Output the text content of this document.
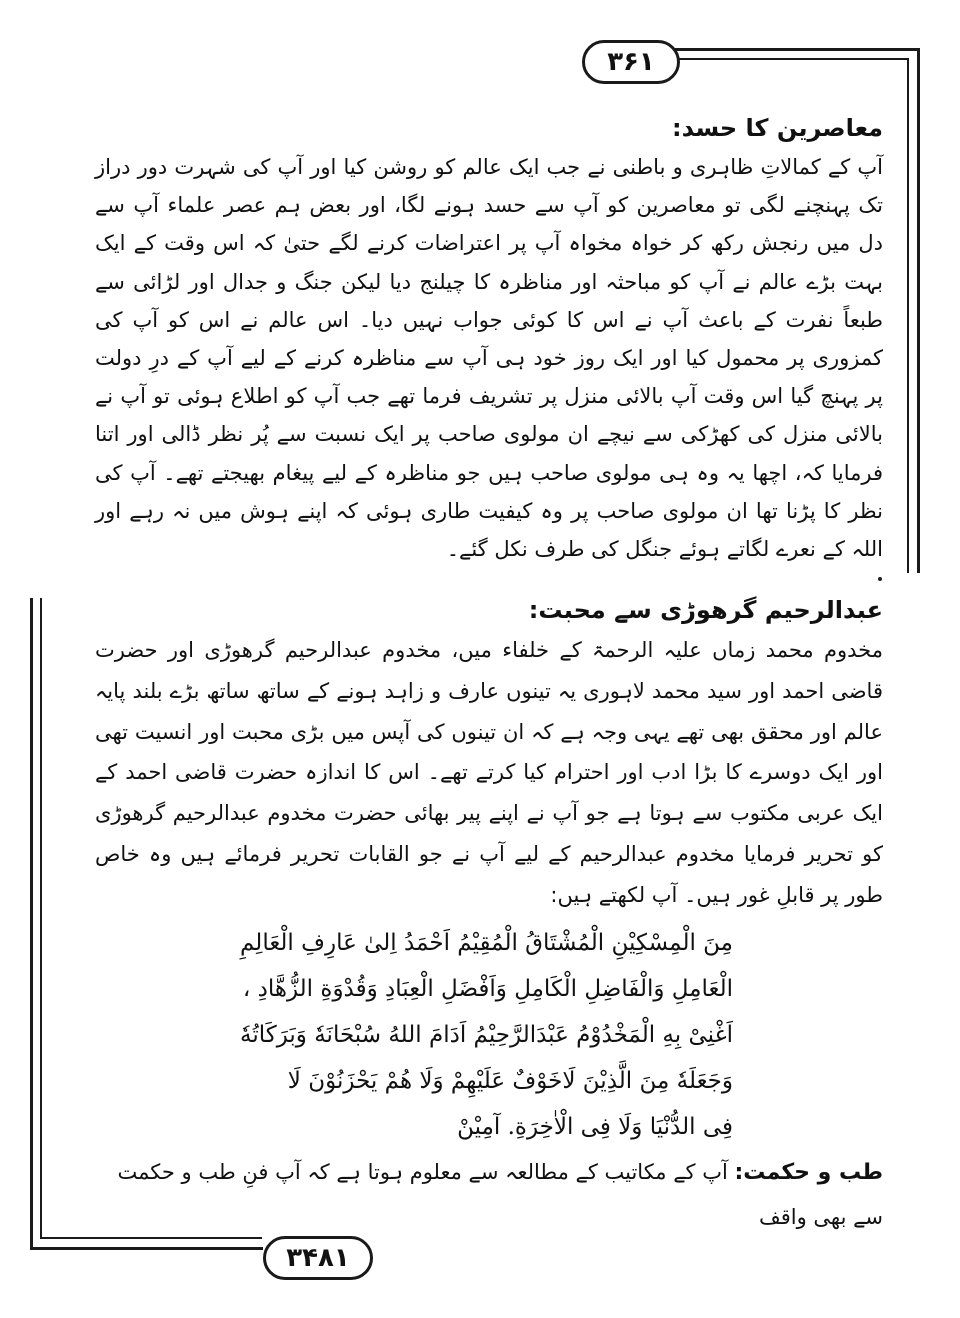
۳۶۱
۳۴۸۱
معاصرین کا حسد:

آپ کے کمالاتِ ظاہری و باطنی نے جب ایک عالم کو روشن کیا اور آپ کی شہرت دور دراز تک پہنچنے لگی تو معاصرین کو آپ سے حسد ہونے لگا، اور بعض ہم عصر علماء آپ سے دل میں رنجش رکھ کر خواہ مخواہ آپ پر اعتراضات کرنے لگے حتیٰ کہ اس وقت کے ایک بہت بڑے عالم نے آپ کو مباحثہ اور مناظرہ کا چیلنج دیا لیکن جنگ و جدال اور لڑائی سے طبعاً نفرت کے باعث آپ نے اس کا کوئی جواب نہیں دیا۔ اس عالم نے اس کو آپ کی کمزوری پر محمول کیا اور ایک روز خود ہی آپ سے مناظرہ کرنے کے لیے آپ کے درِ دولت پر پہنچ گیا اس وقت آپ بالائی منزل پر تشریف فرما تھے جب آپ کو اطلاع ہوئی تو آپ نے بالائی منزل کی کھڑکی سے نیچے ان مولوی صاحب پر ایک نسبت سے پُر نظر ڈالی اور اتنا فرمایا کہ، اچھا یہ وہ ہی مولوی صاحب ہیں جو مناظرہ کے لیے پیغام بھیجتے تھے۔ آپ کی نظر کا پڑنا تھا ان مولوی صاحب پر وہ کیفیت طاری ہوئی کہ اپنے ہوش میں نہ رہے اور اللہ کے نعرے لگاتے ہوئے جنگل کی طرف نکل گئے۔

عبدالرحیم گرھوڑی سے محبت:

مخدوم محمد زماں علیہ الرحمۃ کے خلفاء میں، مخدوم عبدالرحیم گرھوڑی اور حضرت قاضی احمد اور سید محمد لاہوری یہ تینوں عارف و زاہد ہونے کے ساتھ ساتھ بڑے بلند پایہ عالم اور محقق بھی تھے یہی وجہ ہے کہ ان تینوں کی آپس میں بڑی محبت اور انسیت تھی اور ایک دوسرے کا بڑا ادب اور احترام کیا کرتے تھے۔ اس کا اندازہ حضرت قاضی احمد کے ایک عربی مکتوب سے ہوتا ہے جو آپ نے اپنے پیر بھائی حضرت مخدوم عبدالرحیم گرھوڑی کو تحریر فرمایا مخدوم عبدالرحیم کے لیے آپ نے جو القابات تحریر فرمائے ہیں وہ خاص طور پر قابلِ غور ہیں۔ آپ لکھتے ہیں:

مِنَ الْمِسْكِيْنِ الْمُشْتَاقُ الْمُقِيْمُ اَحْمَدُ اِلىٰ عَارِفِ الْعَالِمِ

الْعَامِلِ وَالْفَاضِلِ الْكَامِلِ وَاَفْضَلِ الْعِبَادِ وَقُدْوَةِ الزُّهَّادِ ،

اَغْنِىْ بِهِ الْمَخْدُوْمُ عَبْدَالرَّحِيْمُ اَدَامَ اللهُ سُبْحَانَهٗ وَبَرَكَاتُهٗ

وَجَعَلَهٗ مِنَ الَّذِيْنَ لَاخَوْفٌ عَلَيْهِمْ وَلَا هُمْ يَحْزَنُوْنَ لَا

فِى الدُّنْيَا وَلَا فِى الْاٰخِرَةِ. آمِيْنْ

طب و حکمت: آپ کے مکاتیب کے مطالعہ سے معلوم ہوتا ہے کہ آپ فنِ طب و حکمت سے بھی واقف
